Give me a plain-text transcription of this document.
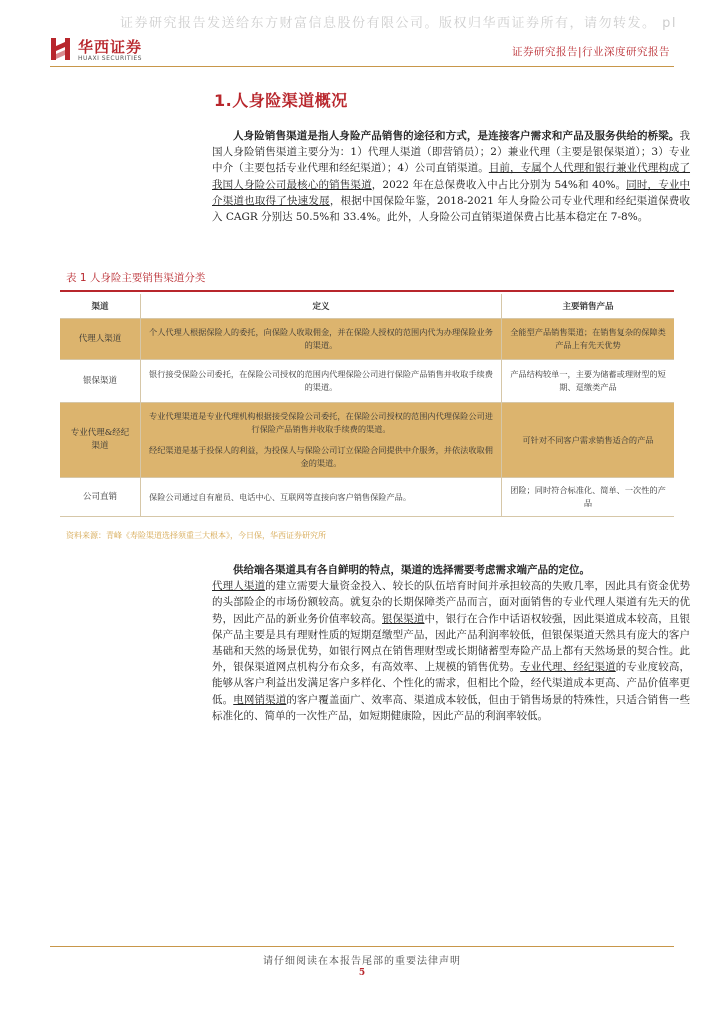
证券研究报告发送给东方财富信息股份有限公司。版权归华西证券所有，请勿转发。 pl
华西证券
HUAXI SECURITIES
证券研究报告|行业深度研究报告
1.人身险渠道概况
人身险销售渠道是指人身险产品销售的途径和方式，是连接客户需求和产品及服务供给的桥梁。我国人身险销售渠道主要分为：1）代理人渠道（即营销员）；2）兼业代理（主要是银保渠道）；3）专业中介（主要包括专业代理和经纪渠道）；4）公司直销渠道。目前，专属个人代理和银行兼业代理构成了我国人身险公司最核心的销售渠道，2022 年在总保费收入中占比分别为 54%和 40%。同时，专业中介渠道也取得了快速发展，根据中国保险年鉴，2018-2021 年人身险公司专业代理和经纪渠道保费收入 CAGR 分别达 50.5%和 33.4%。此外，人身险公司直销渠道保费占比基本稳定在 7-8%。
表 1 人身险主要销售渠道分类
渠道	定义	主要销售产品
代理人渠道	个人代理人根据保险人的委托，向保险人收取佣金，并在保险人授权的范围内代为办理保险业务的渠道。	全能型产品销售渠道；在销售复杂的保障类产品上有先天优势
银保渠道	银行接受保险公司委托，在保险公司授权的范围内代理保险公司进行保险产品销售并收取手续费的渠道。	产品结构较单一，主要为储蓄或理财型的短期、趸缴类产品
专业代理&经纪渠道	专业代理渠道是专业代理机构根据接受保险公司委托，在保险公司授权的范围内代理保险公司进行保险产品销售并收取手续费的渠道。
经纪渠道是基于投保人的利益，为投保人与保险公司订立保险合同提供中介服务，并依法收取佣金的渠道。	可针对不同客户需求销售适合的产品
公司直销	保险公司通过自有雇员、电话中心、互联网等直接向客户销售保险产品。	团险；同时符合标准化、简单、一次性的产品
资料来源：青峰《寿险渠道选择须重三大根本》，今日保，华西证券研究所
供给端各渠道具有各自鲜明的特点，渠道的选择需要考虑需求端产品的定位。
代理人渠道的建立需要大量资金投入、较长的队伍培育时间并承担较高的失败几率，因此具有资金优势的头部险企的市场份额较高。就复杂的长期保障类产品而言，面对面销售的专业代理人渠道有先天的优势，因此产品的新业务价值率较高。银保渠道中，银行在合作中话语权较强，因此渠道成本较高，且银保产品主要是具有理财性质的短期趸缴型产品，因此产品利润率较低，但银保渠道天然具有庞大的客户基础和天然的场景优势，如银行网点在销售理财型或长期储蓄型寿险产品上都有天然场景的契合性。此外，银保渠道网点机构分布众多，有高效率、上规模的销售优势。专业代理、经纪渠道的专业度较高，能够从客户利益出发满足客户多样化、个性化的需求，但相比个险，经代渠道成本更高、产品价值率更低。电网销渠道的客户覆盖面广、效率高、渠道成本较低，但由于销售场景的特殊性，只适合销售一些标准化的、简单的一次性产品，如短期健康险，因此产品的利润率较低。
请仔细阅读在本报告尾部的重要法律声明
5
